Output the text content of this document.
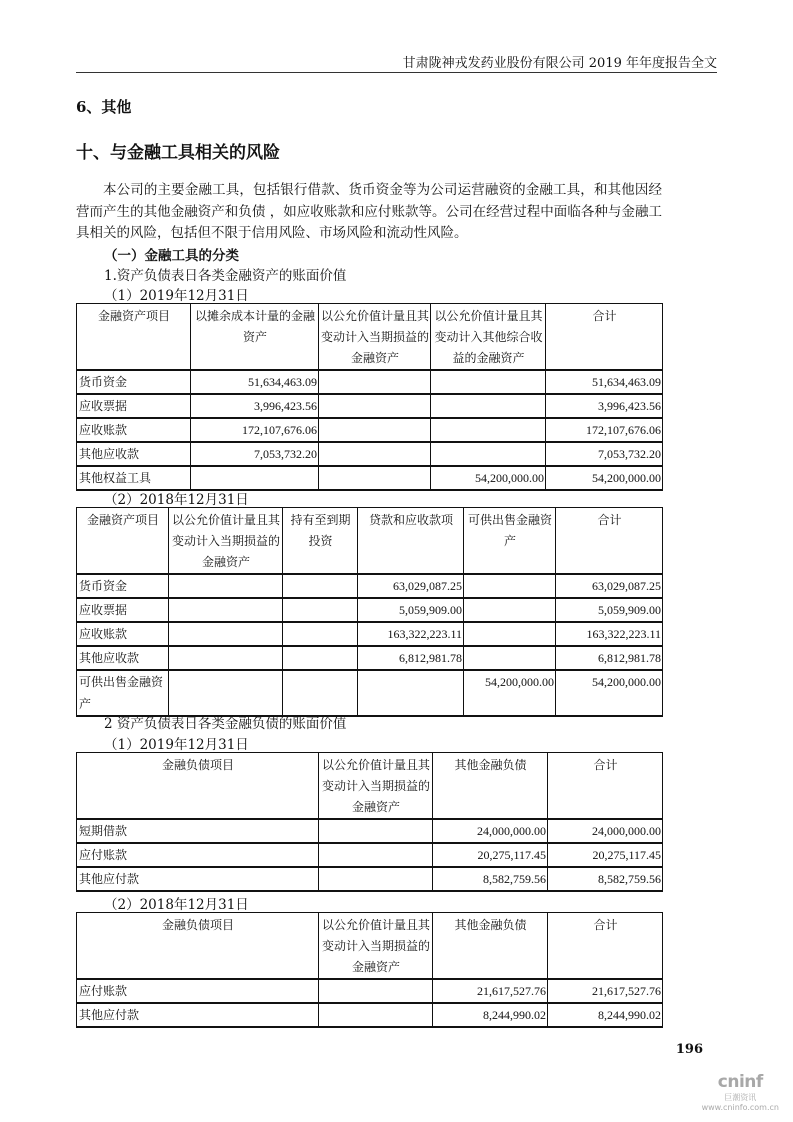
甘肃陇神戎发药业股份有限公司 2019 年年度报告全文
6、其他
十、与金融工具相关的风险
本公司的主要金融工具，包括银行借款、货币资金等为公司运营融资的金融工具，和其他因经营而产生的其他金融资产和负债 ，如应收账款和应付账款等。公司在经营过程中面临各种与金融工具相关的风险，包括但不限于信用风险、市场风险和流动性风险。
（一）金融工具的分类
1.资产负债表日各类金融资产的账面价值
（1）2019年12月31日
（2）2018年12月31日
2 资产负债表日各类金融负债的账面价值
（1）2019年12月31日
（2）2018年12月31日
金融资产项目	以摊余成本计量的金融资产	以公允价值计量且其变动计入当期损益的金融资产	以公允价值计量且其变动计入其他综合收益的金融资产	合计
货币资金	51,634,463.09			51,634,463.09
应收票据	3,996,423.56			3,996,423.56
应收账款	172,107,676.06			172,107,676.06
其他应收款	7,053,732.20			7,053,732.20
其他权益工具			54,200,000.00	54,200,000.00
金融资产项目	以公允价值计量且其变动计入当期损益的金融资产	持有至到期投资	贷款和应收款项	可供出售金融资产	合计
货币资金			63,029,087.25		63,029,087.25
应收票据			5,059,909.00		5,059,909.00
应收账款			163,322,223.11		163,322,223.11
其他应收款			6,812,981.78		6,812,981.78
可供出售金融资产				54,200,000.00	54,200,000.00
金融负债项目	以公允价值计量且其变动计入当期损益的金融资产	其他金融负债	合计
短期借款		24,000,000.00	24,000,000.00
应付账款		20,275,117.45	20,275,117.45
其他应付款		8,582,759.56	8,582,759.56
金融负债项目	以公允价值计量且其变动计入当期损益的金融资产	其他金融负债	合计
应付账款		21,617,527.76	21,617,527.76
其他应付款		8,244,990.02	8,244,990.02
196
cninf
巨潮资讯
www.cninfo.com.cn
